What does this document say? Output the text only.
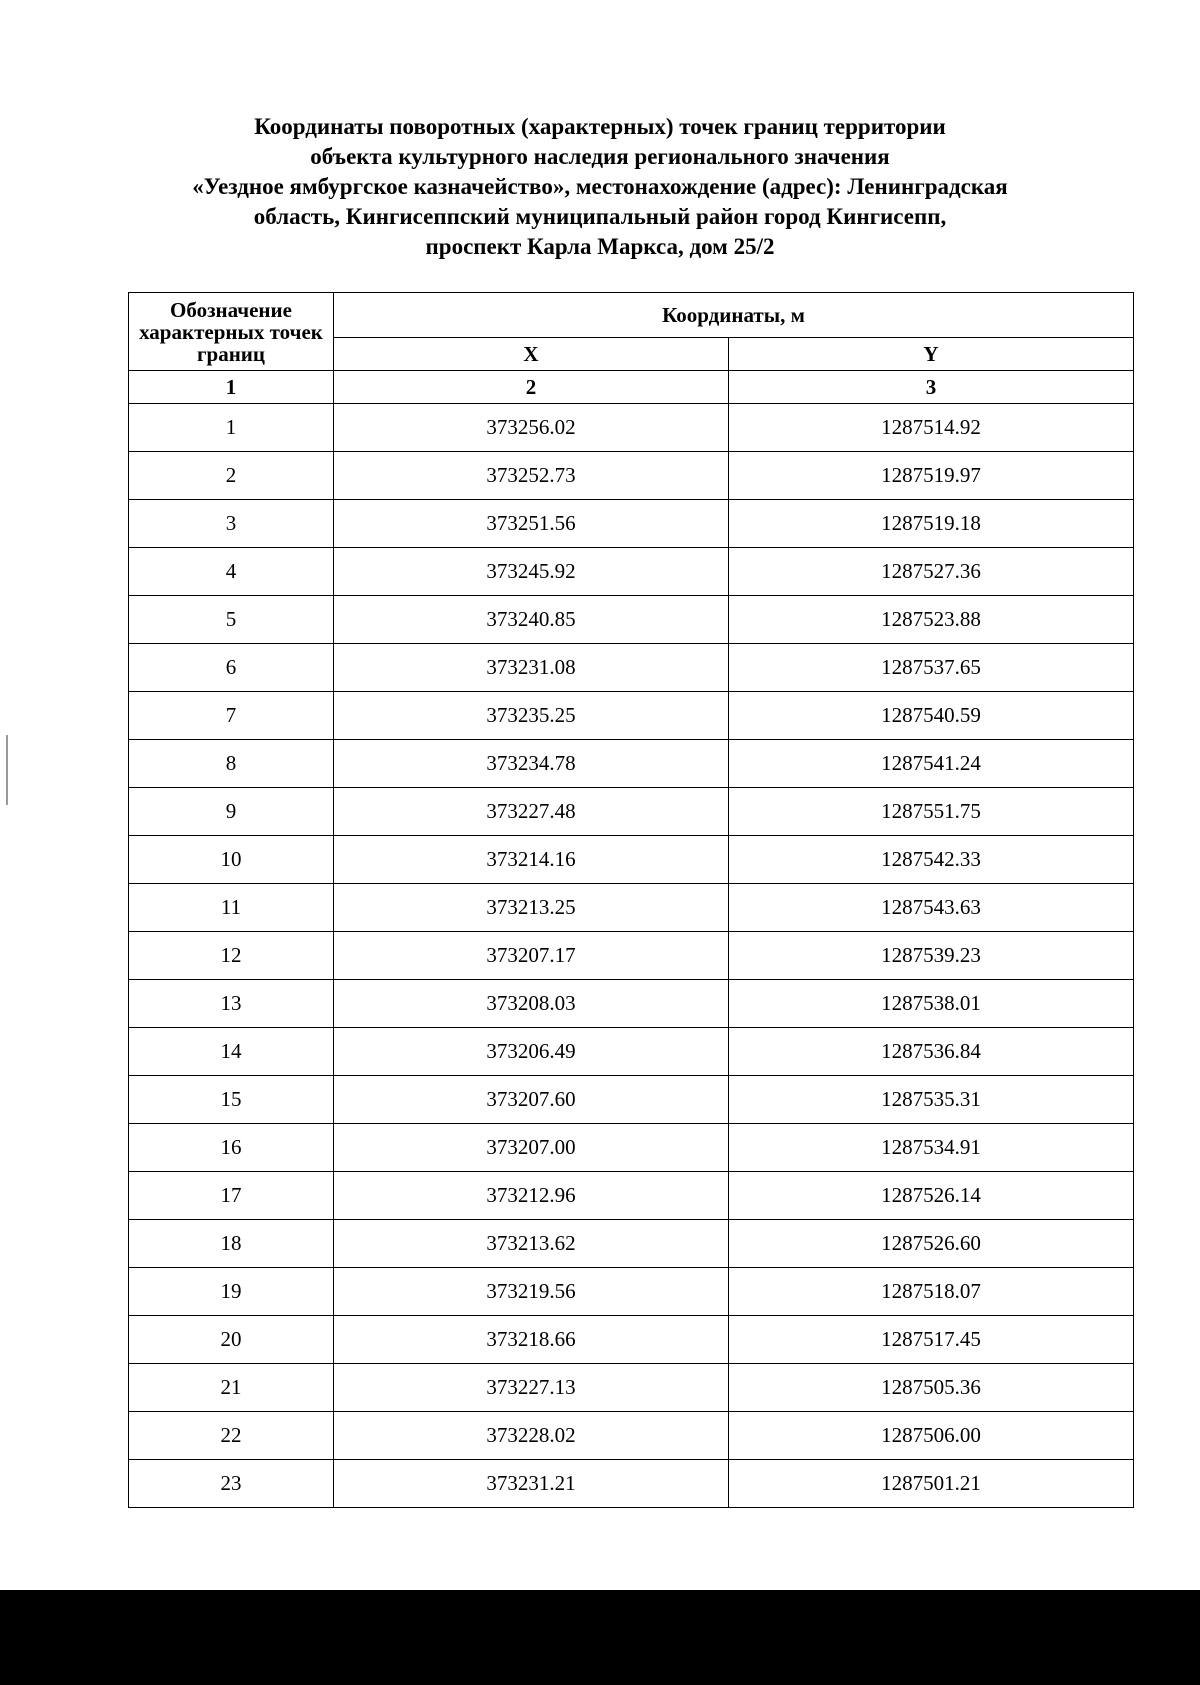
Координаты поворотных (характерных) точек границ территории
объекта культурного наследия регионального значения
«Уездное ямбургское казначейство», местонахождение (адрес): Ленинградская
область, Кингисеппский муниципальный район город Кингисепп,
проспект Карла Маркса, дом 25/2
Обозначение характерных точек границ	Координаты, м	
	X	Y
1	2	3
1	373256.02	1287514.92
2	373252.73	1287519.97
3	373251.56	1287519.18
4	373245.92	1287527.36
5	373240.85	1287523.88
6	373231.08	1287537.65
7	373235.25	1287540.59
8	373234.78	1287541.24
9	373227.48	1287551.75
10	373214.16	1287542.33
11	373213.25	1287543.63
12	373207.17	1287539.23
13	373208.03	1287538.01
14	373206.49	1287536.84
15	373207.60	1287535.31
16	373207.00	1287534.91
17	373212.96	1287526.14
18	373213.62	1287526.60
19	373219.56	1287518.07
20	373218.66	1287517.45
21	373227.13	1287505.36
22	373228.02	1287506.00
23	373231.21	1287501.21
